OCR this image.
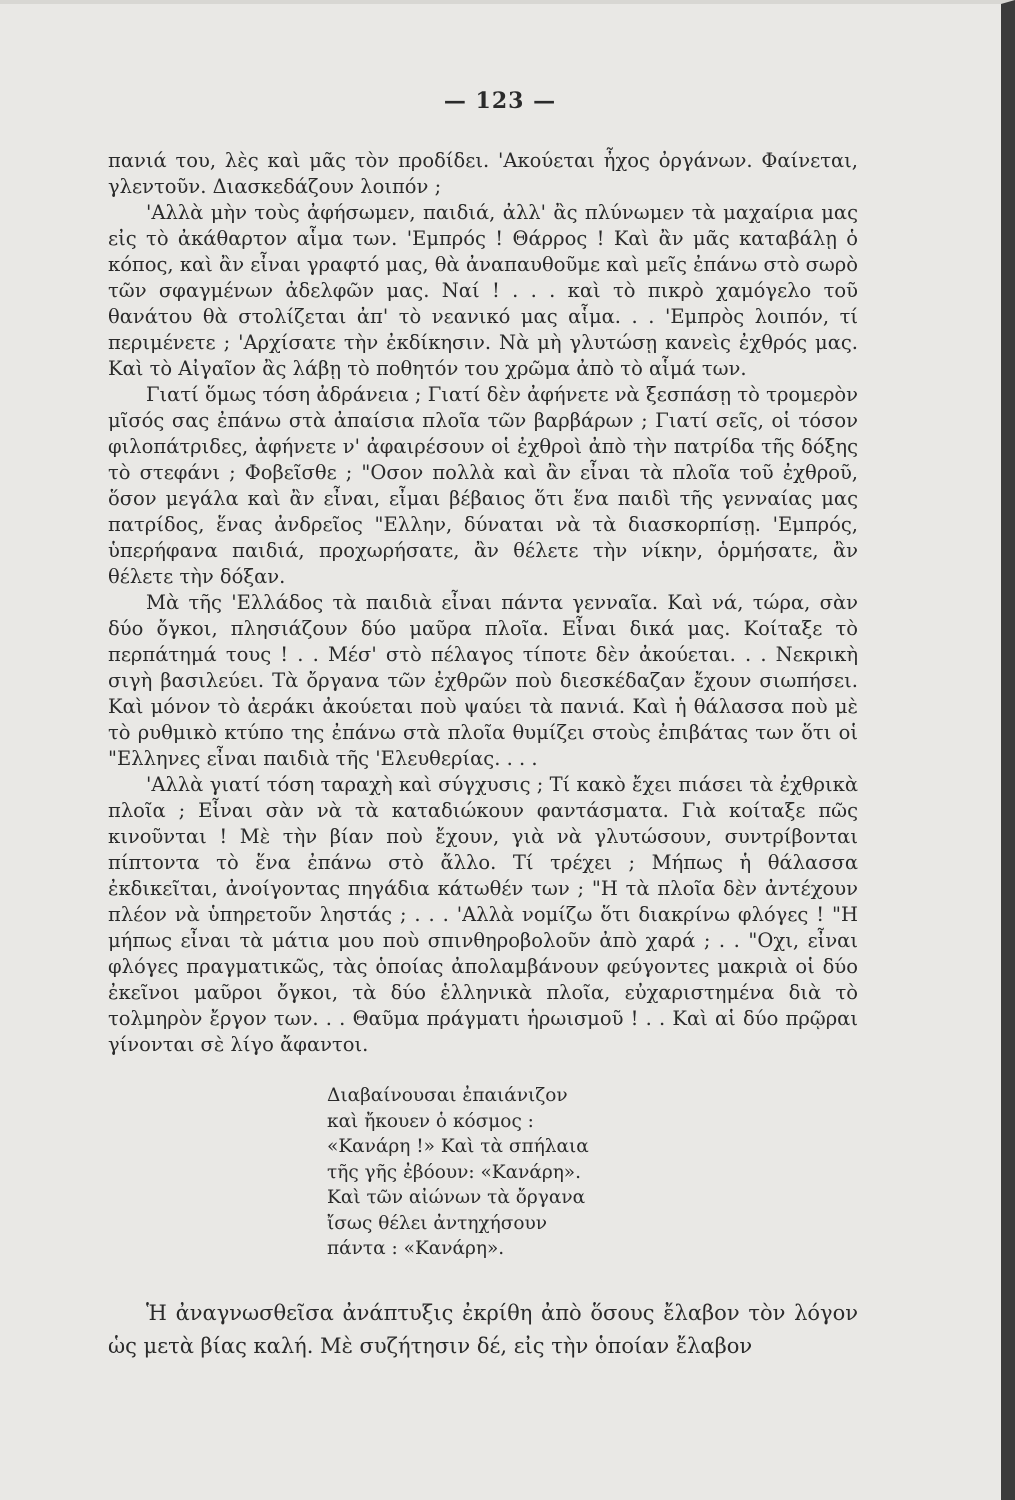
— 123 —

πανιά του, λὲς καὶ μᾶς τὸν προδίδει. 'Ακούεται ἦχος ὀργάνων. Φαίνεται, γλεντοῦν. Διασκεδάζουν λοιπόν ;

'Αλλὰ μὴν τοὺς ἀφήσωμεν, παιδιά, ἀλλ' ἂς πλύνωμεν τὰ μαχαίρια μας εἰς τὸ ἀκάθαρτον αἷμα των. 'Εμπρός ! Θάρρος ! Καὶ ἂν μᾶς καταβάλῃ ὁ κόπος, καὶ ἂν εἶναι γραφτό μας, θὰ ἀναπαυθοῦμε καὶ μεῖς ἐπάνω στὸ σωρὸ τῶν σφαγμένων ἀδελφῶν μας. Ναί ! . . . καὶ τὸ πικρὸ χαμόγελο τοῦ θανάτου θὰ στολίζεται ἀπ' τὸ νεανικό μας αἷμα. . . 'Εμπρὸς λοιπόν, τί περιμένετε ; 'Αρχίσατε τὴν ἐκδίκησιν. Νὰ μὴ γλυτώσῃ κανεὶς ἐχθρός μας. Καὶ τὸ Αἰγαῖον ἂς λάβῃ τὸ ποθητόν του χρῶμα ἀπὸ τὸ αἷμά των.

Γιατί ὅμως τόση ἀδράνεια ; Γιατί δὲν ἀφήνετε νὰ ξεσπάσῃ τὸ τρομερὸν μῖσός σας ἐπάνω στὰ ἀπαίσια πλοῖα τῶν βαρβάρων ; Γιατί σεῖς, οἱ τόσον φιλοπάτριδες, ἀφήνετε ν' ἀφαιρέσουν οἱ ἐχθροὶ ἀπὸ τὴν πατρίδα τῆς δόξης τὸ στεφάνι ; Φοβεῖσθε ; "Οσον πολλὰ καὶ ἂν εἶναι τὰ πλοῖα τοῦ ἐχθροῦ, ὅσον μεγάλα καὶ ἂν εἶναι, εἶμαι βέβαιος ὅτι ἕνα παιδὶ τῆς γενναίας μας πατρίδος, ἕνας ἀνδρεῖος "Ελλην, δύναται νὰ τὰ διασκορπίσῃ. 'Εμπρός, ὑπερήφανα παιδιά, προχωρήσατε, ἂν θέλετε τὴν νίκην, ὁρμήσατε, ἂν θέλετε τὴν δόξαν.

Μὰ τῆς 'Ελλάδος τὰ παιδιὰ εἶναι πάντα γενναῖα. Καὶ νά, τώρα, σὰν δύο ὄγκοι, πλησιάζουν δύο μαῦρα πλοῖα. Εἶναι δικά μας. Κοίταξε τὸ περπάτημά τους ! . . Μέσ' στὸ πέλαγος τίποτε δὲν ἀκούεται. . . Νεκρικὴ σιγὴ βασιλεύει. Τὰ ὄργανα τῶν ἐχθρῶν ποὺ διεσκέδαζαν ἔχουν σιωπήσει. Καὶ μόνον τὸ ἀεράκι ἀκούεται ποὺ ψαύει τὰ πανιά. Καὶ ἡ θάλασσα ποὺ μὲ τὸ ρυθμικὸ κτύπο της ἐπάνω στὰ πλοῖα θυμίζει στοὺς ἐπιβάτας των ὅτι οἱ "Ελληνες εἶναι παιδιὰ τῆς 'Ελευθερίας. . . .

'Αλλὰ γιατί τόση ταραχὴ καὶ σύγχυσις ; Τί κακὸ ἔχει πιάσει τὰ ἐχθρικὰ πλοῖα ; Εἶναι σὰν νὰ τὰ καταδιώκουν φαντάσματα. Γιὰ κοίταξε πῶς κινοῦνται ! Μὲ τὴν βίαν ποὺ ἔχουν, γιὰ νὰ γλυτώσουν, συντρίβονται πίπτοντα τὸ ἕνα ἐπάνω στὸ ἄλλο. Τί τρέχει ; Μήπως ἡ θάλασσα ἐκδικεῖται, ἀνοίγοντας πηγάδια κάτωθέν των ; "Η τὰ πλοῖα δὲν ἀντέχουν πλέον νὰ ὑπηρετοῦν ληστάς ; . . . 'Αλλὰ νομίζω ὅτι διακρίνω φλόγες ! "Η μήπως εἶναι τὰ μάτια μου ποὺ σπινθηροβολοῦν ἀπὸ χαρά ; . . "Οχι, εἶναι φλόγες πραγματικῶς, τὰς ὁποίας ἀπολαμβάνουν φεύγοντες μακριὰ οἱ δύο ἐκεῖνοι μαῦροι ὄγκοι, τὰ δύο ἑλληνικὰ πλοῖα, εὐχαριστημένα διὰ τὸ τολμηρὸν ἔργον των. . . Θαῦμα πράγματι ἡρωισμοῦ ! . . Καὶ αἱ δύο πρῷραι γίνονται σὲ λίγο ἄφαντοι.

Διαβαίνουσαι ἐπαιάνιζον
καὶ ἤκουεν ὁ κόσμος :
«Κανάρη !» Καὶ τὰ σπήλαια
τῆς γῆς ἐβόουν: «Κανάρη».
Καὶ τῶν αἰώνων τὰ ὄργανα
ἴσως θέλει ἀντηχήσουν
πάντα : «Κανάρη».

Ἡ ἀναγνωσθεῖσα ἀνάπτυξις ἐκρίθη ἀπὸ ὅσους ἔλαβον τὸν λόγον ὡς μετὰ βίας καλή. Μὲ συζήτησιν δέ, εἰς τὴν ὁποίαν ἔλαβον
